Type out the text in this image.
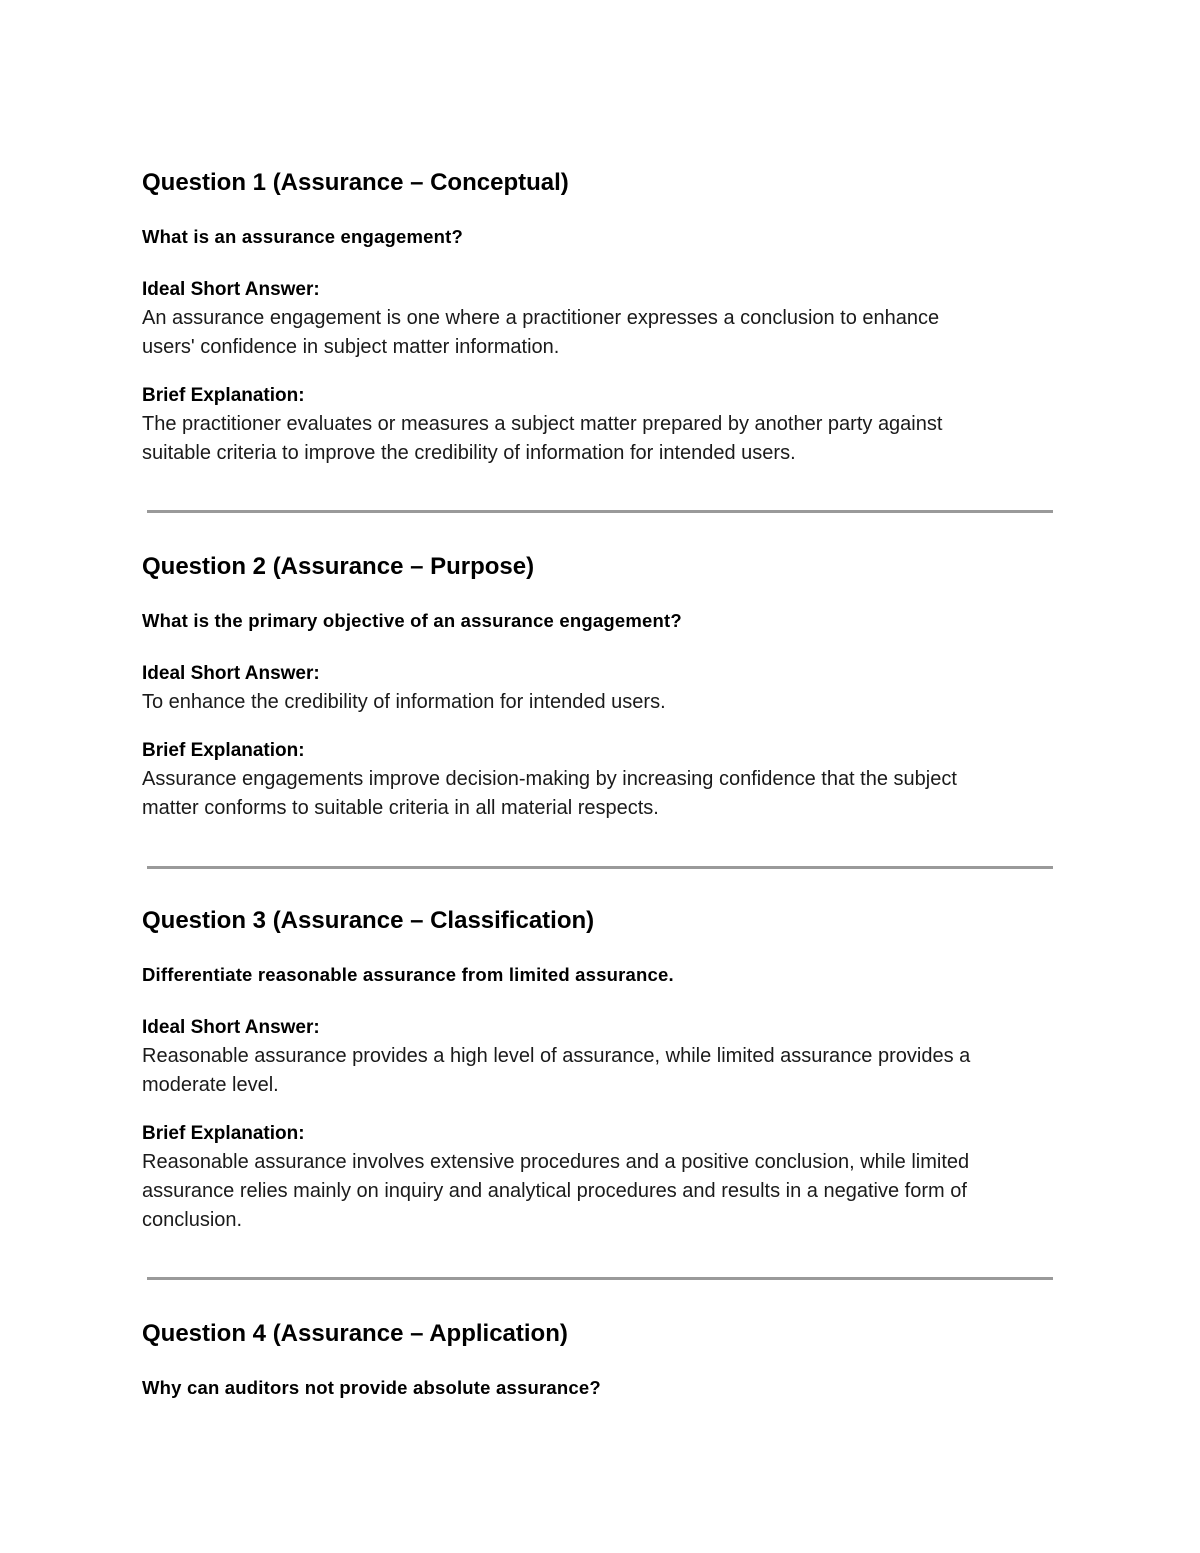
Question 1 (Assurance – Conceptual)

What is an assurance engagement?

Ideal Short Answer:

An assurance engagement is one where a practitioner expresses a conclusion to enhance

users' confidence in subject matter information.

Brief Explanation:

The practitioner evaluates or measures a subject matter prepared by another party against

suitable criteria to improve the credibility of information for intended users.

Question 2 (Assurance – Purpose)

What is the primary objective of an assurance engagement?

Ideal Short Answer:

To enhance the credibility of information for intended users.

Brief Explanation:

Assurance engagements improve decision-making by increasing confidence that the subject

matter conforms to suitable criteria in all material respects.

Question 3 (Assurance – Classification)

Differentiate reasonable assurance from limited assurance.

Ideal Short Answer:

Reasonable assurance provides a high level of assurance, while limited assurance provides a

moderate level.

Brief Explanation:

Reasonable assurance involves extensive procedures and a positive conclusion, while limited

assurance relies mainly on inquiry and analytical procedures and results in a negative form of

conclusion.

Question 4 (Assurance – Application)

Why can auditors not provide absolute assurance?
